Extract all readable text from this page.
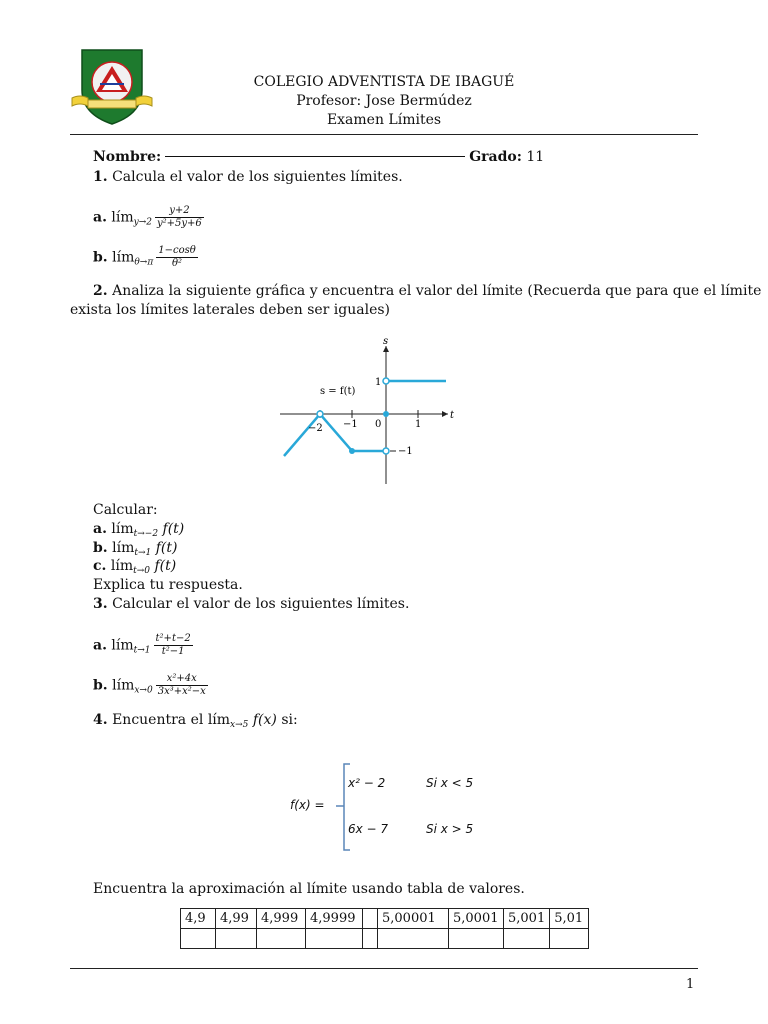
COLEGIO ADVENTISTA DE IBAGUÉ
Profesor: Jose Bermúdez
Examen Límites
Nombre:	Grado: 11
1. Calcula el valor de los siguientes límites.
a. lím$_{y\to 2}$ $\frac{y+2}{\text{y²+5y+6}}$
b. lím$_{\theta\to\pi}$ $\frac{1-\cos\theta}{\text{θ²}}$
2. Analiza la siguiente gráfica y encuentra el valor del límite (Recuerda que para que el límite
exista los límites laterales deben ser iguales)
s
t
s = f(t)
−2 −1 0	1
1
−1
Calcular:
a. lím$_{t\to-2}$ f(t)
b. lím$_{t\to 1}$ f(t)
c. lím$_{t\to 0}$ f(t)
Explica tu respuesta.
3. Calcular el valor de los siguientes límites.
a. lím$_{t\to 1}$ $\frac{\text{t²+t−2}}{\text{t²−1}}$
b. lím$_{x\to 0}$ $\frac{\text{x²+4x}}{\text{3x³+x²−x}}$
4. Encuentra el lím$_{x\to 5}$ f(x) si:
f(x) =
x² − 2	Si x < 5
6x − 7	Si x > 5
Encuentra la aproximación al límite usando tabla de valores.
4,9	4,99	4,999	4,9999		5,00001	5,0001	5,001	5,01

1
